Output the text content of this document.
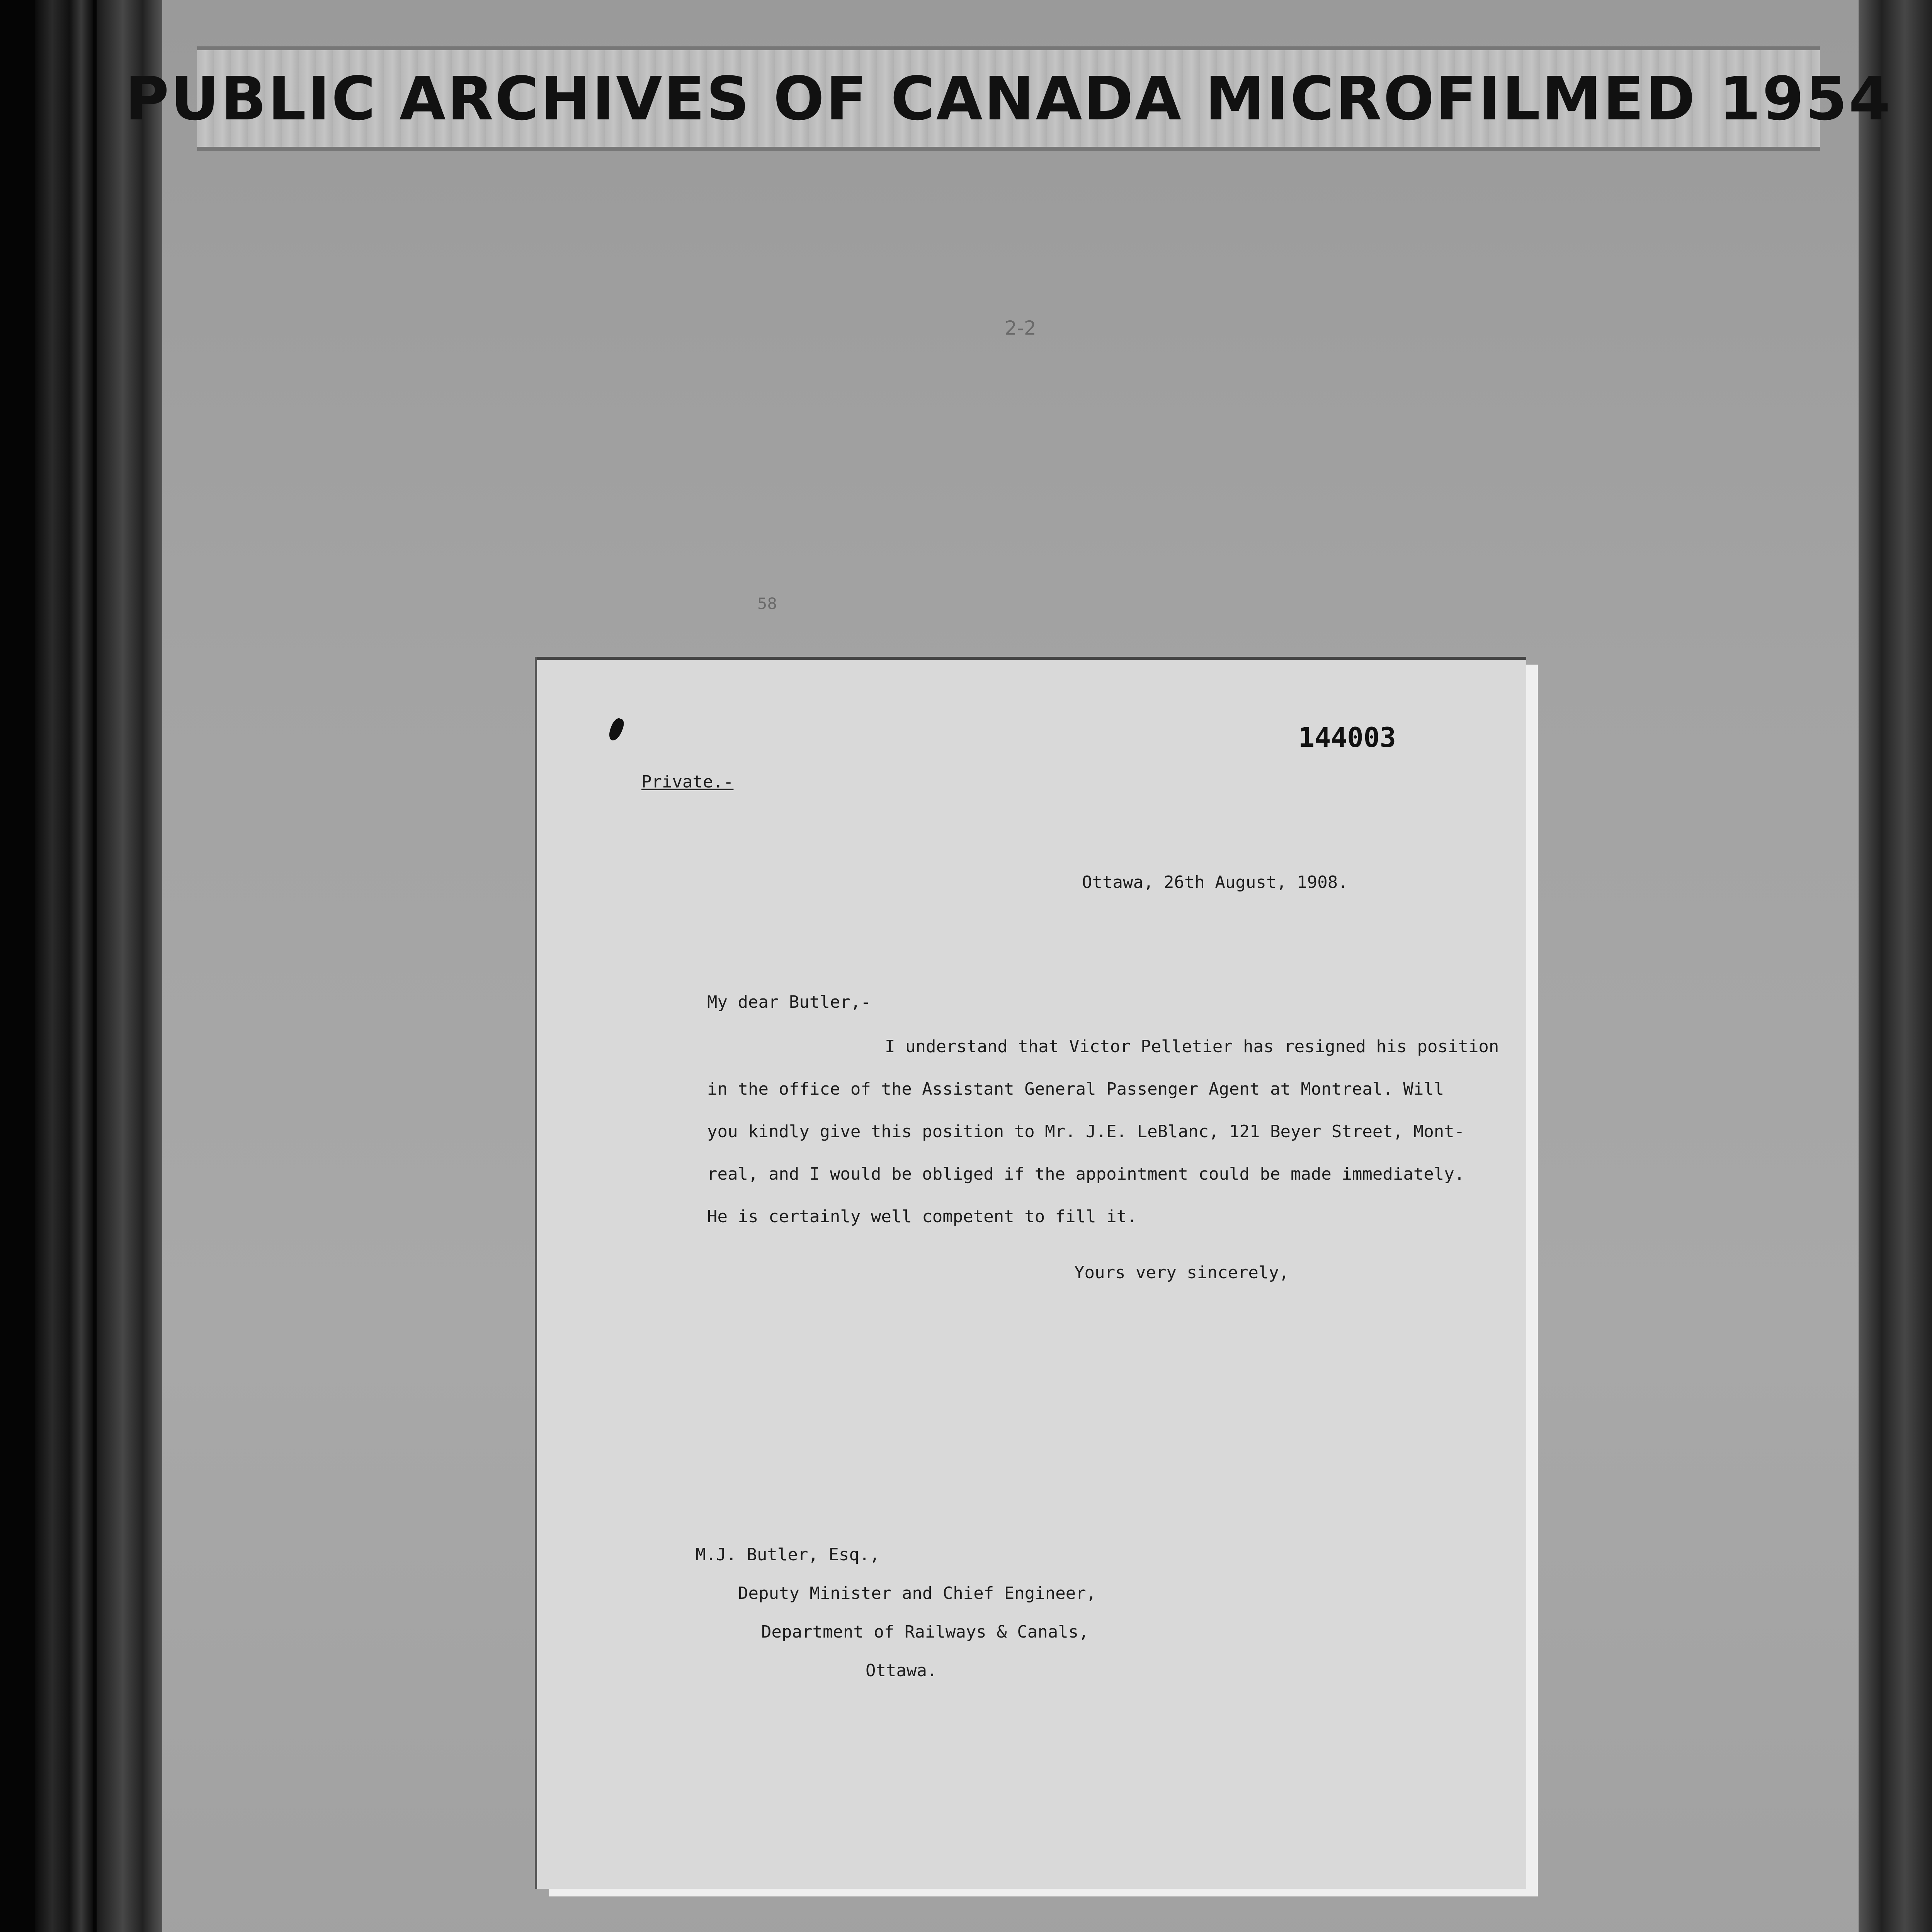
PUBLIC ARCHIVES OF CANADA MICROFILMED 1954
2-2
58
144003
Private.-
Ottawa, 26th August, 1908.
My dear Butler,-
I understand that Victor Pelletier has resigned his position
in the office of the Assistant General Passenger Agent at Montreal. Will
you kindly give this position to Mr. J.E. LeBlanc, 121 Beyer Street, Mont-
real, and I would be obliged if the appointment could be made immediately.
He is certainly well competent to fill it.
Yours very sincerely,
M.J. Butler, Esq.,
Deputy Minister and Chief Engineer,
Department of Railways & Canals,
Ottawa.
